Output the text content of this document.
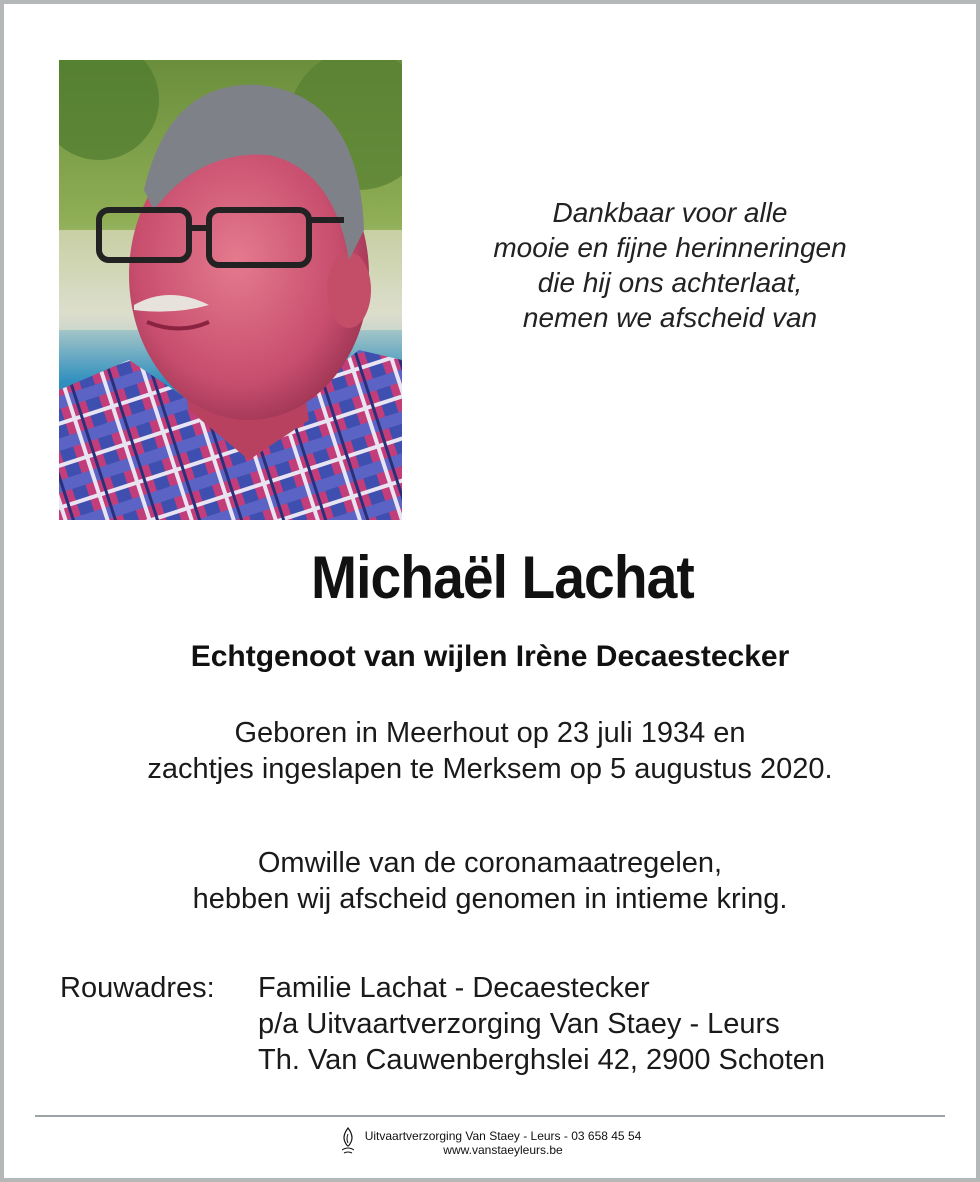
Dankbaar voor alle
mooie en fijne herinneringen
die hij ons achterlaat,
nemen we afscheid van
Michaël Lachat
Echtgenoot van wijlen Irène Decaestecker
Geboren in Meerhout op 23 juli 1934 en
zachtjes ingeslapen te Merksem op 5 augustus 2020.
Omwille van de coronamaatregelen,
hebben wij afscheid genomen in intieme kring.
Rouwadres: Familie Lachat - Decaestecker
p/a Uitvaartverzorging Van Staey - Leurs
Th. Van Cauwenberghslei 42, 2900 Schoten
Uitvaartverzorging Van Staey - Leurs - 03 658 45 54
www.vanstaeyleurs.be
